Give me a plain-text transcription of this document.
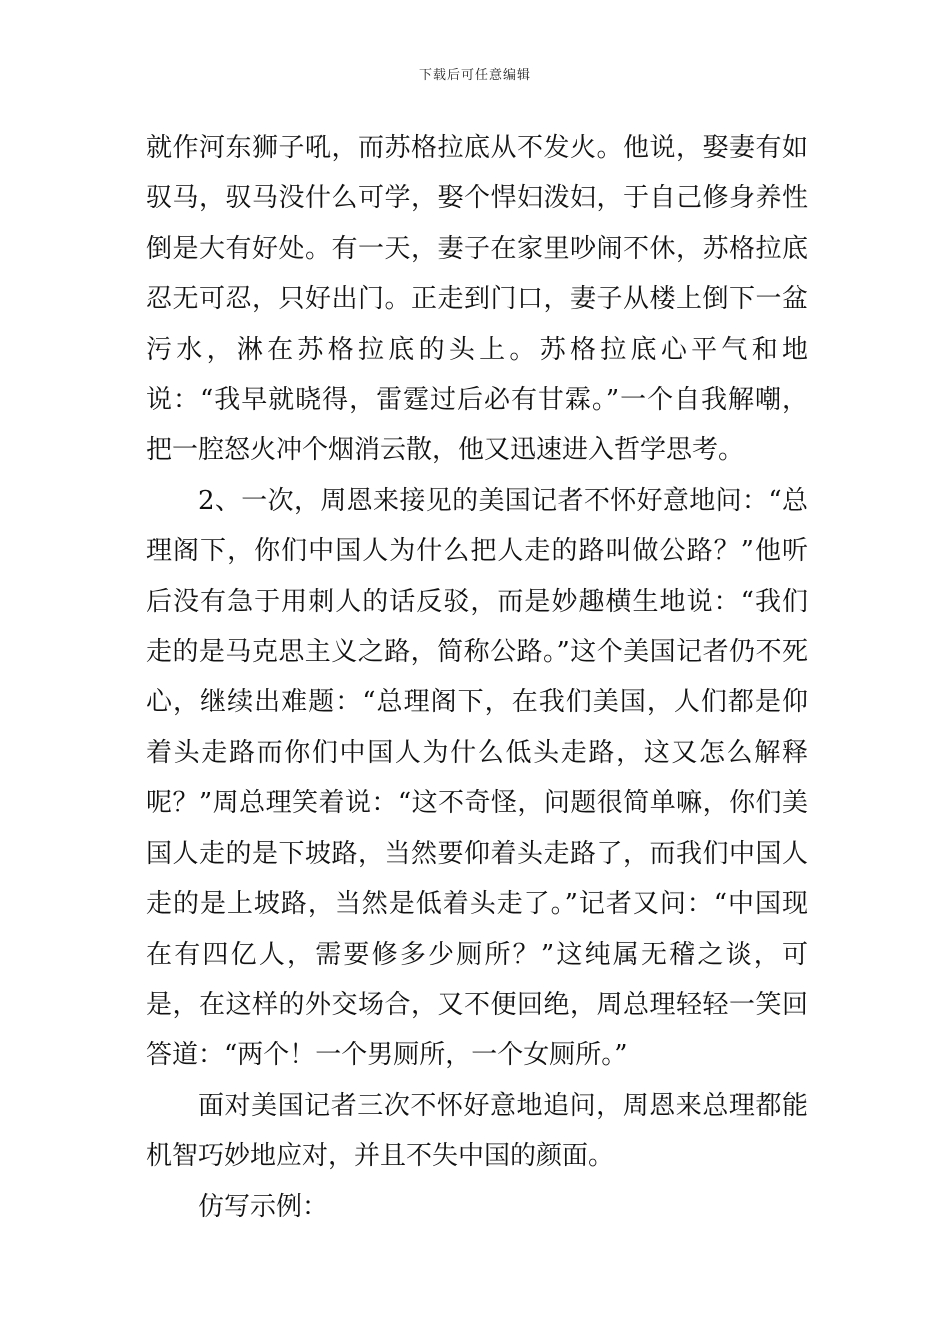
下载后可任意编辑

就作河东狮子吼，而苏格拉底从不发火。他说，娶妻有如驭马，驭马没什么可学，娶个悍妇泼妇，于自己修身养性倒是大有好处。有一天，妻子在家里吵闹不休，苏格拉底忍无可忍，只好出门。正走到门口，妻子从楼上倒下一盆污水，淋在苏格拉底的头上。苏格拉底心平气和地说：“我早就晓得，雷霆过后必有甘霖。”一个自我解嘲，把一腔怒火冲个烟消云散，他又迅速进入哲学思考。

2、一次，周恩来接见的美国记者不怀好意地问：“总理阁下，你们中国人为什么把人走的路叫做公路？”他听后没有急于用刺人的话反驳，而是妙趣横生地说：“我们走的是马克思主义之路，简称公路。”这个美国记者仍不死心，继续出难题：“总理阁下，在我们美国，人们都是仰着头走路而你们中国人为什么低头走路，这又怎么解释呢？”周总理笑着说：“这不奇怪，问题很简单嘛，你们美国人走的是下坡路，当然要仰着头走路了，而我们中国人走的是上坡路，当然是低着头走了。”记者又问：“中国现在有四亿人，需要修多少厕所？”这纯属无稽之谈，可是，在这样的外交场合，又不便回绝，周总理轻轻一笑回答道：“两个！一个男厕所，一个女厕所。”

面对美国记者三次不怀好意地追问，周恩来总理都能机智巧妙地应对，并且不失中国的颜面。

仿写示例：
